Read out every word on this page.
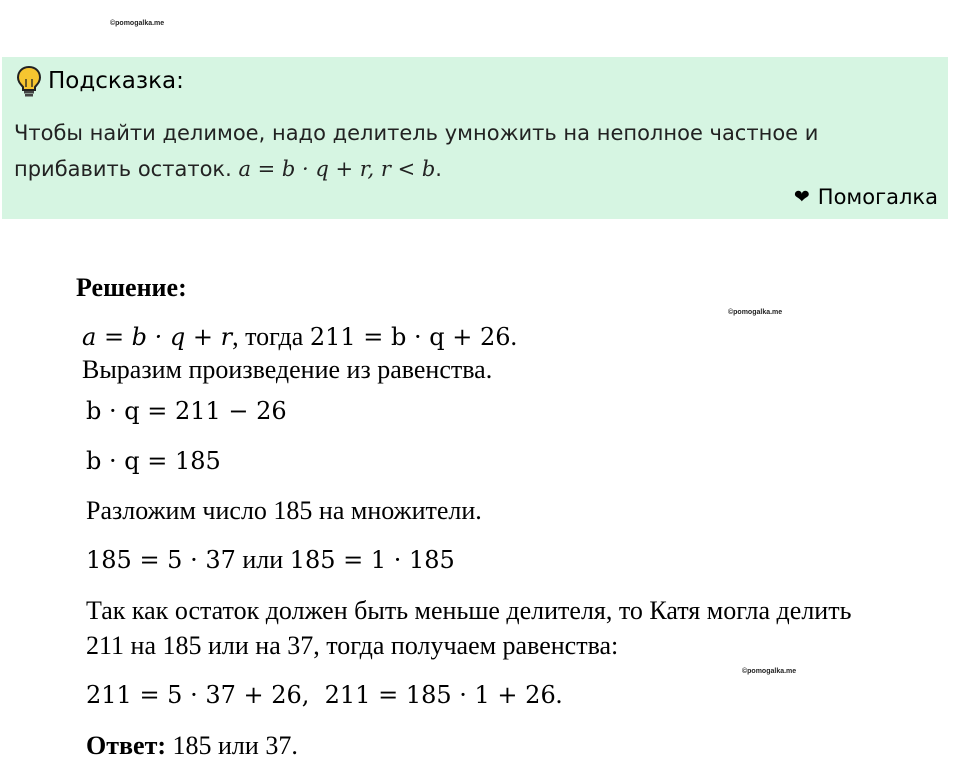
©pomogalka.me
Подсказка:
Чтобы найти делимое, надо делитель умножить на неполное частное и
прибавить остаток. a = b · q + r, r < b.
❤ Помогалка
Решение:
©pomogalka.me
a = b · q + r, тогда 211 = b · q + 26.
Выразим произведение из равенства.
b · q = 211 − 26
b · q = 185
Разложим число 185 на множители.
185 = 5 · 37 или 185 = 1 · 185
Так как остаток должен быть меньше делителя, то Катя могла делить
211 на 185 или на 37, тогда получаем равенства:
©pomogalka.me
211 = 5 · 37 + 26,  211 = 185 · 1 + 26.
Ответ: 185 или 37.
